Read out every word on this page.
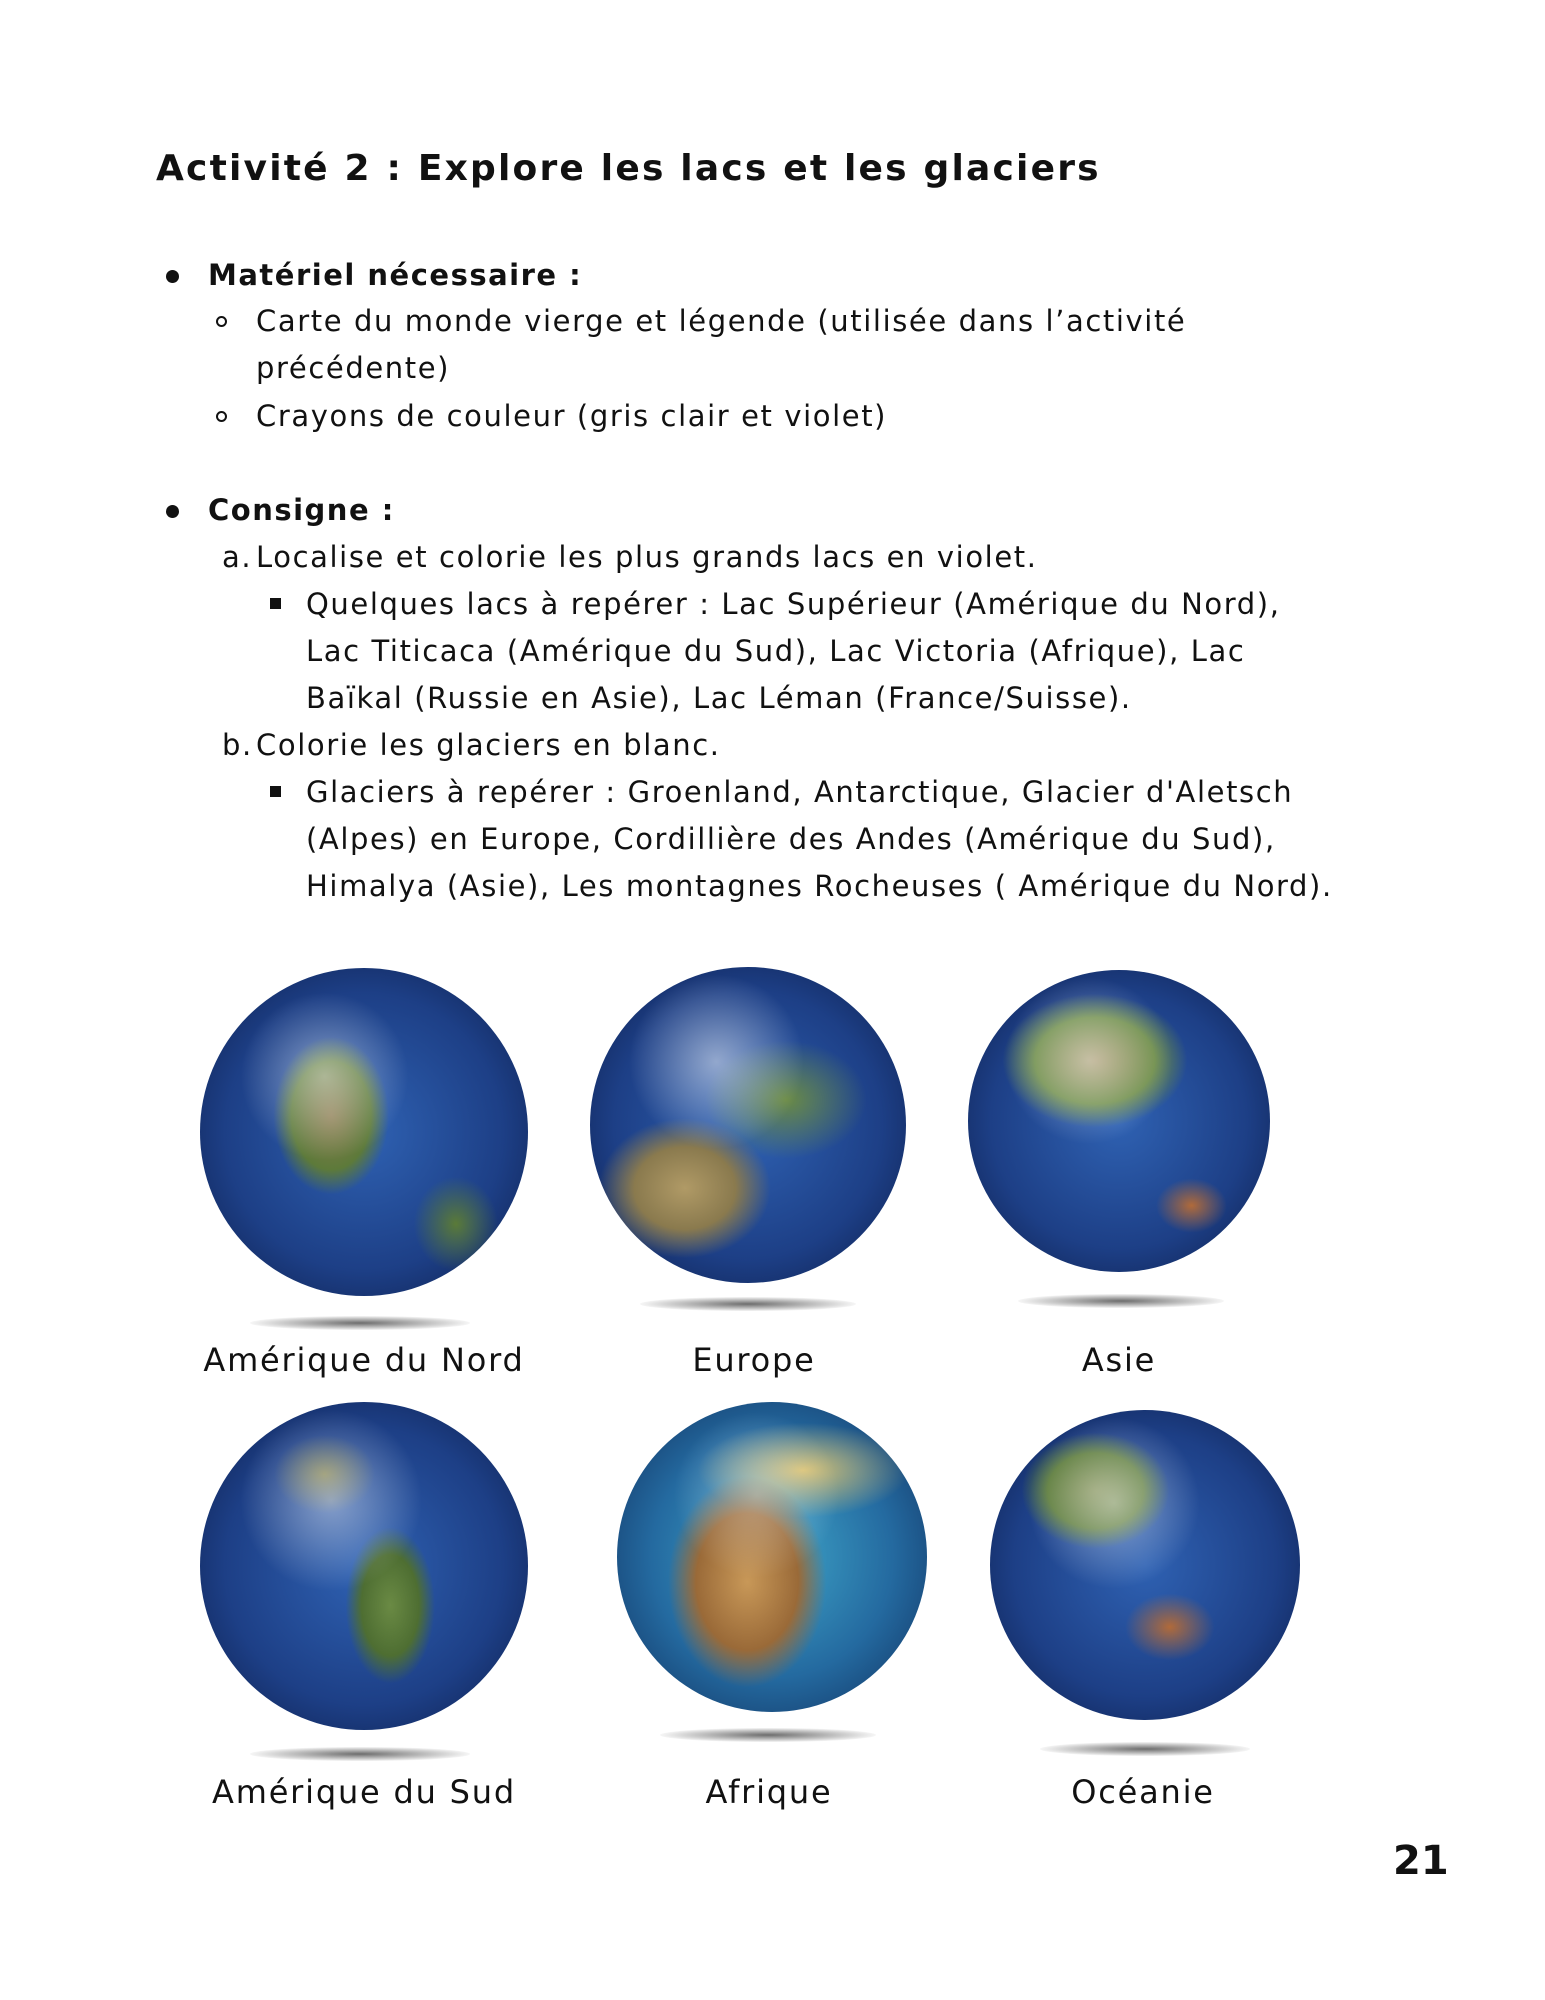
Activité 2 : Explore les lacs et les glaciers
Matériel nécessaire :
Carte du monde vierge et légende (utilisée dans l’activité
précédente)
Crayons de couleur (gris clair et violet)
Consigne :
a. Localise et colorie les plus grands lacs en violet.
Quelques lacs à repérer : Lac Supérieur (Amérique du Nord),
Lac Titicaca (Amérique du Sud), Lac Victoria (Afrique), Lac
Baïkal (Russie en Asie), Lac Léman (France/Suisse).
b. Colorie les glaciers en blanc.
Glaciers à repérer : Groenland, Antarctique, Glacier d'Aletsch
(Alpes) en Europe, Cordillière des Andes (Amérique du Sud),
Himalya (Asie), Les montagnes Rocheuses ( Amérique du Nord).
Amérique du Nord	Europe	Asie
Amérique du Sud	Afrique	Océanie
21
